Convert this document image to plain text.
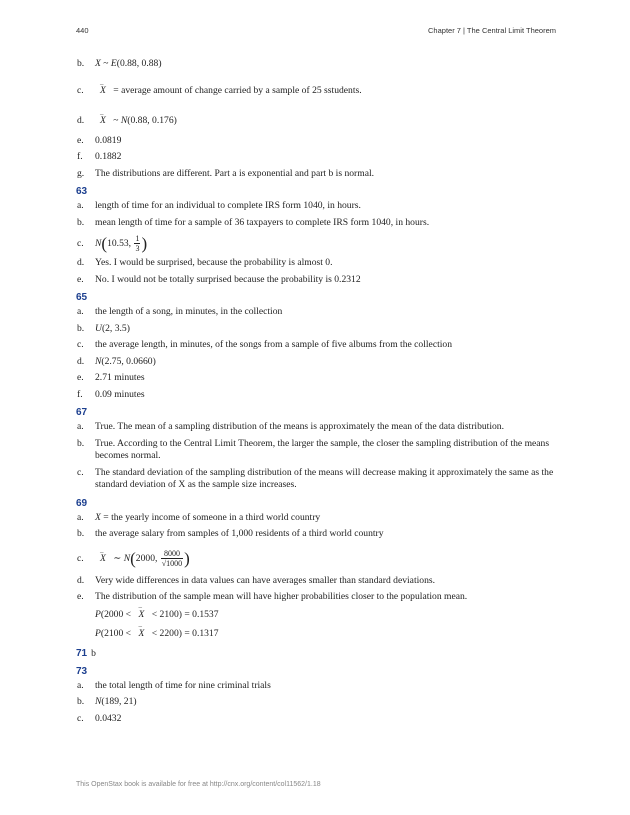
440	Chapter 7 | The Central Limit Theorem
b. X ~ E(0.88, 0.88)
c. – X = average amount of change carried by a sample of 25 sstudents.
d. – X ~ N(0.88, 0.176)
e. 0.0819
f. 0.1882
g. The distributions are different. Part a is exponential and part b is normal.
63
a. length of time for an individual to complete IRS form 1040, in hours.
b. mean length of time for a sample of 36 taxpayers to complete IRS form 1040, in hours.
c. N(10.53, $\frac{1}{3}$ )
d. Yes. I would be surprised, because the probability is almost 0.
e. No. I would not be totally surprised because the probability is 0.2312
65
a. the length of a song, in minutes, in the collection
b. U(2, 3.5)
c. the average length, in minutes, of the songs from a sample of five albums from the collection
d. N(2.75, 0.0660)
e. 2.71 minutes
f. 0.09 minutes
67
a. True. The mean of a sampling distribution of the means is approximately the mean of the data distribution.
b. True. According to the Central Limit Theorem, the larger the sample, the closer the sampling distribution of the means becomes normal.
c. The standard deviation of the sampling distribution of the means will decrease making it approximately the same as the standard deviation of X as the sample size increases.
69
a. X = the yearly income of someone in a third world country
b. the average salary from samples of 1,000 residents of a third world country
c. – X ∼ N(2000, $\frac{8000}{√1000}$ )
d. Very wide differences in data values can have averages smaller than standard deviations.
e. The distribution of the sample mean will have higher probabilities closer to the population mean.
P(2000 < – X < 2100) = 0.1537
P(2100 < – X < 2200) = 0.1317
71 b
73
a. the total length of time for nine criminal trials
b. N(189, 21)
c. 0.0432
This OpenStax book is available for free at http://cnx.org/content/col11562/1.18
